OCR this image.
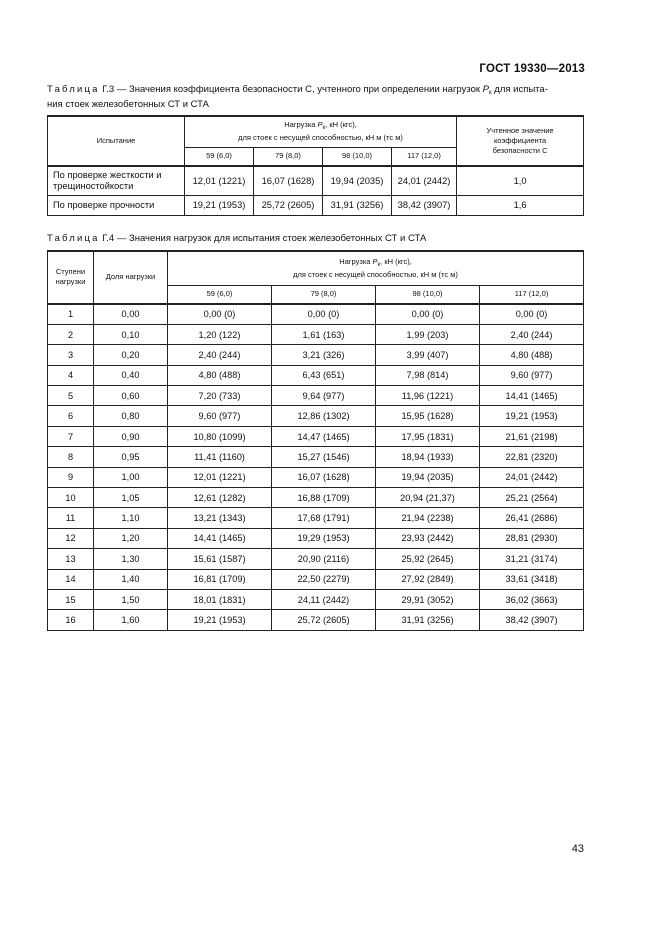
ГОСТ 19330—2013
Таблица Г.3 — Значения коэффициента безопасности С, учтенного при определении нагрузок $P_к$ для испыта-
ния стоек железобетонных СТ и СТА
Испытание	Нагрузка $P_к$, кН (кгс),
для стоек с несущей способностью, кН м (тс м)				Учтенное значение коэффициента безопасности С
	59 (6,0)	79 (8,0)	98 (10,0)	117 (12,0)	
По проверке жесткости и трещиностойкости	12,01 (1221)	16,07 (1628)	19,94 (2035)	24,01 (2442)	1,0
По проверке прочности	19,21 (1953)	25,72 (2605)	31,91 (3256)	38,42 (3907)	1,6
Таблица Г.4 — Значения нагрузок для испытания стоек железобетонных СТ и СТА
Ступени нагрузки	Доля нагрузки	Нагрузка $P_к$, кН (кгс),
для стоек с несущей способностью, кН м (тс м)			
		59 (6,0)	79 (8,0)	98 (10,0)	117 (12,0)
1	0,00	0,00 (0)	0,00 (0)	0,00 (0)	0,00 (0)
2	0,10	1,20 (122)	1,61 (163)	1,99 (203)	2,40 (244)
3	0,20	2,40 (244)	3,21 (326)	3,99 (407)	4,80 (488)
4	0,40	4,80 (488)	6,43 (651)	7,98 (814)	9,60 (977)
5	0,60	7,20 (733)	9,64 (977)	11,96 (1221)	14,41 (1465)
6	0,80	9,60 (977)	12,86 (1302)	15,95 (1628)	19,21 (1953)
7	0,90	10,80 (1099)	14,47 (1465)	17,95 (1831)	21,61 (2198)
8	0,95	11,41 (1160)	15,27 (1546)	18,94 (1933)	22,81 (2320)
9	1,00	12,01 (1221)	16,07 (1628)	19,94 (2035)	24,01 (2442)
10	1,05	12,61 (1282)	16,88 (1709)	20,94 (21,37)	25,21 (2564)
11	1,10	13,21 (1343)	17,68 (1791)	21,94 (2238)	26,41 (2686)
12	1,20	14,41 (1465)	19,29 (1953)	23,93 (2442)	28,81 (2930)
13	1,30	15,61 (1587)	20,90 (2116)	25,92 (2645)	31,21 (3174)
14	1,40	16,81 (1709)	22,50 (2279)	27,92 (2849)	33,61 (3418)
15	1,50	18,01 (1831)	24,11 (2442)	29,91 (3052)	36,02 (3663)
16	1,60	19,21 (1953)	25,72 (2605)	31,91 (3256)	38,42 (3907)
43
